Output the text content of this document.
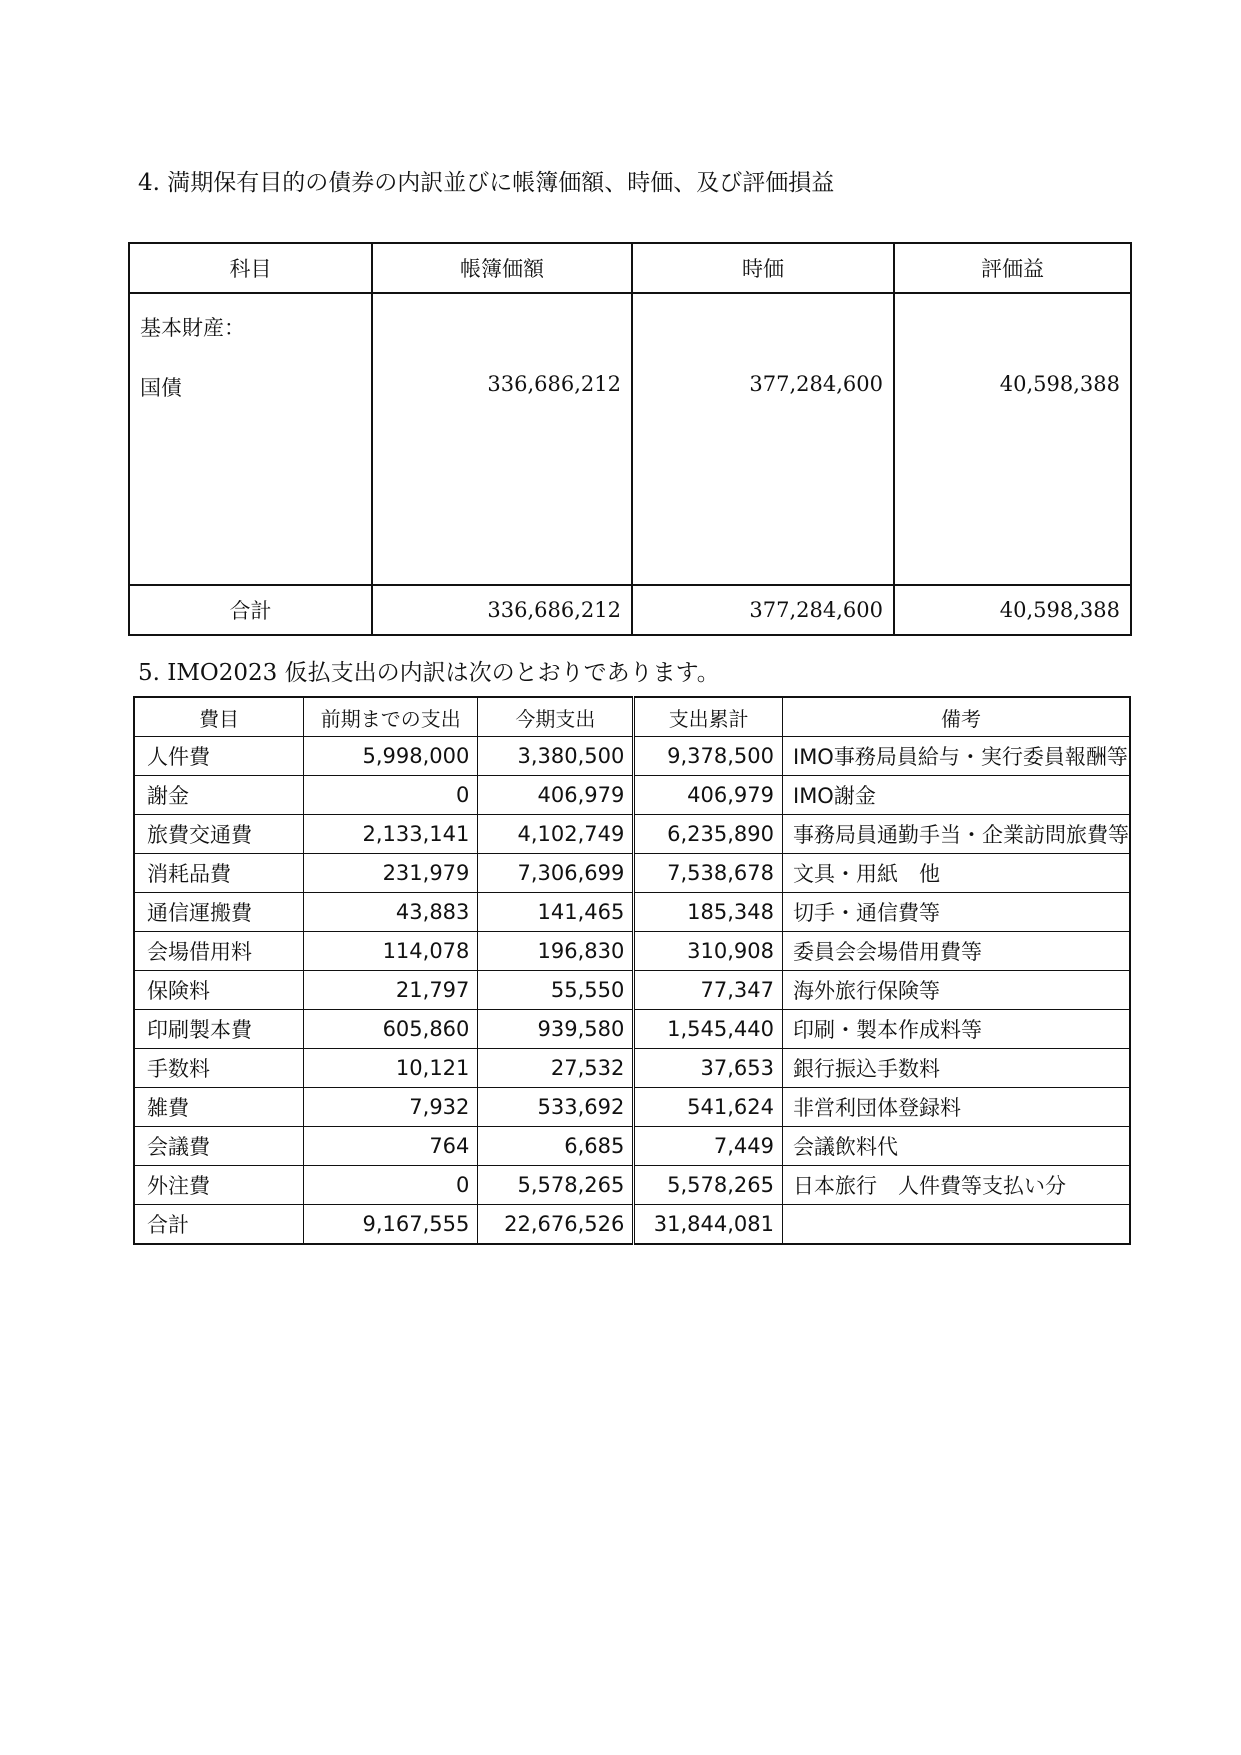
4. 満期保有目的の債券の内訳並びに帳簿価額、時価、及び評価損益
科目	帳簿価額	時価	評価益

基本財産：
国債	336,686,212	377,284,600	40,598,388
合計	336,686,212	377,284,600	40,598,388
5. IMO2023 仮払支出の内訳は次のとおりであります。
費目	前期までの支出	今期支出	支出累計	備考
人件費	5,998,000	3,380,500	9,378,500	IMO事務局員給与・実行委員報酬等
謝金	0	406,979	406,979	IMO謝金
旅費交通費	2,133,141	4,102,749	6,235,890	事務局員通勤手当・企業訪問旅費等
消耗品費	231,979	7,306,699	7,538,678	文具・用紙　他
通信運搬費	43,883	141,465	185,348	切手・通信費等
会場借用料	114,078	196,830	310,908	委員会会場借用費等
保険料	21,797	55,550	77,347	海外旅行保険等
印刷製本費	605,860	939,580	1,545,440	印刷・製本作成料等
手数料	10,121	27,532	37,653	銀行振込手数料
雑費	7,932	533,692	541,624	非営利団体登録料
会議費	764	6,685	7,449	会議飲料代
外注費	0	5,578,265	5,578,265	日本旅行　人件費等支払い分
合計	9,167,555	22,676,526	31,844,081	
